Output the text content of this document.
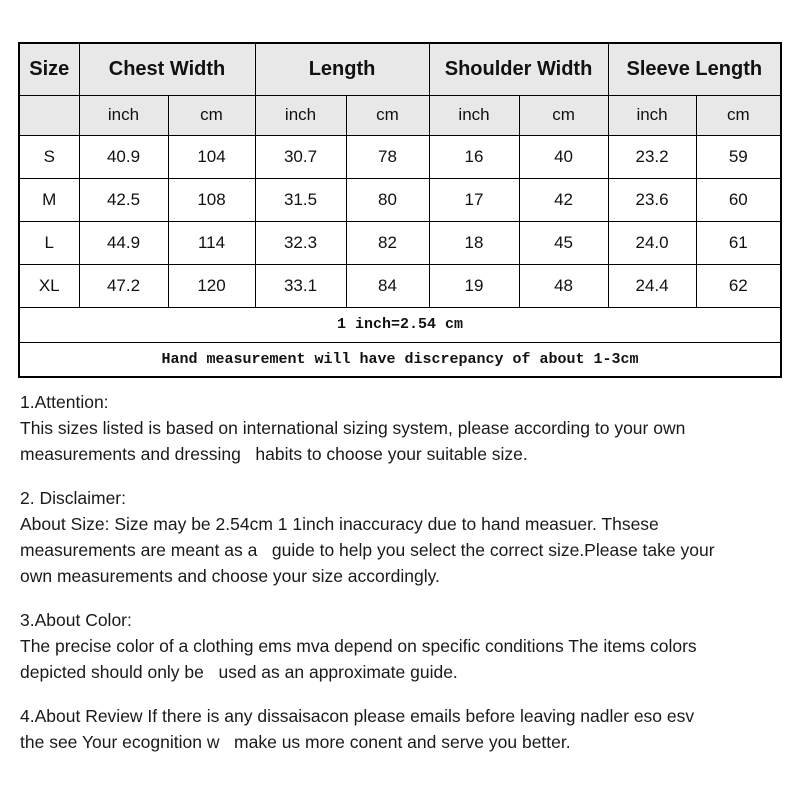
Size	Chest Width		Length		Shoulder Width		Sleeve Length	
	inch	cm	inch	cm	inch	cm	inch	cm
S	40.9	104	30.7	78	16	40	23.2	59
M	42.5	108	31.5	80	17	42	23.6	60
L	44.9	114	32.3	82	18	45	24.0	61
XL	47.2	120	33.1	84	19	48	24.4	62
1 inch=2.54 cm								
Hand measurement will have discrepancy of about 1-3cm								
1.Attention:
This sizes listed is based on international sizing system, please according to your own
measurements and dressing   habits to choose your suitable size.
2. Disclaimer:
About Size: Size may be 2.54cm 1 1inch inaccuracy due to hand measuer. Thsese
measurements are meant as a   guide to help you select the correct size.Please take your
own measurements and choose your size accordingly.
3.About Color:
The precise color of a clothing ems mva depend on specific conditions The items colors
depicted should only be   used as an approximate guide.
4.About Review If there is any dissaisacon please emails before leaving nadler eso esv
the see Your ecognition w   make us more conent and serve you better.
